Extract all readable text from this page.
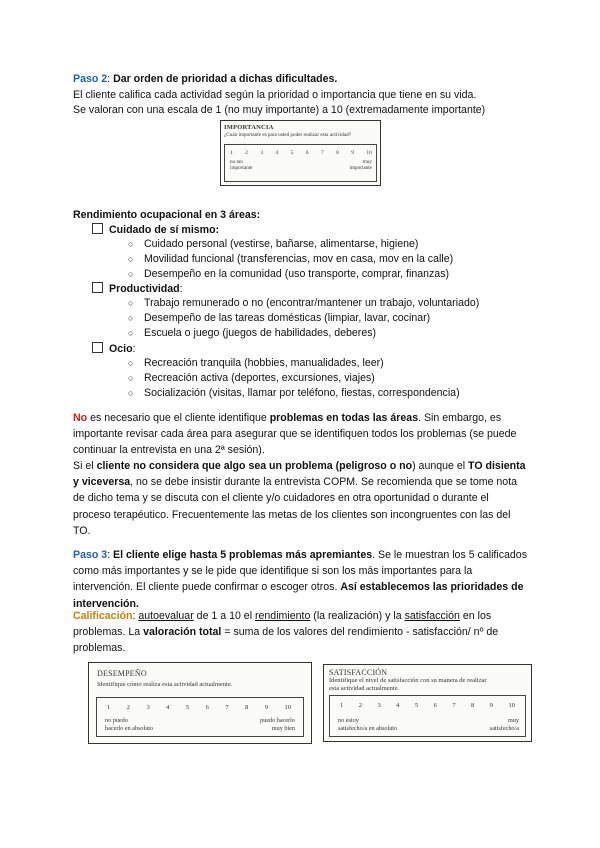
Paso 2: Dar orden de prioridad a dichas dificultades.
El cliente califica cada actividad según la prioridad o importancia que tiene en su vida.
Se valoran con una escala de 1 (no muy importante) a 10 (extremadamente importante)
IMPORTANCIA
¿Cuán importante es para usted poder realizar esta actividad?
1 2 3 4 5 6 7 8 9 10
no tan
importante
muy
importante
Rendimiento ocupacional en 3 áreas:
Cuidado de sí mismo:
○ Cuidado personal (vestirse, bañarse, alimentarse, higiene)
○ Movilidad funcional (transferencias, mov en casa, mov en la calle)
○ Desempeño en la comunidad (uso transporte, comprar, finanzas)
Productividad:
○ Trabajo remunerado o no (encontrar/mantener un trabajo, voluntariado)
○ Desempeño de las tareas domésticas (limpiar, lavar, cocinar)
○ Escuela o juego (juegos de habilidades, deberes)
Ocio:
○ Recreación tranquila (hobbies, manualidades, leer)
○ Recreación activa (deportes, excursiones, viajes)
○ Socialización (visitas, llamar por teléfono, fiestas, correspondencia)
No es necesario que el cliente identifique problemas en todas las áreas. Sin embargo, es importante revisar cada área para asegurar que se identifiquen todos los problemas (se puede continuar la entrevista en una 2ª sesión).
Si el cliente no considera que algo sea un problema (peligroso o no) aunque el TO disienta y viceversa, no se debe insistir durante la entrevista COPM. Se recomienda que se tome nota de dicho tema y se discuta con el cliente y/o cuidadores en otra oportunidad o durante el proceso terapéutico. Frecuentemente las metas de los clientes son incongruentes con las del TO.
Paso 3: El cliente elige hasta 5 problemas más apremiantes. Se le muestran los 5 calificados como más importantes y se le pide que identifique si son los más importantes para la intervención. El cliente puede confirmar o escoger otros. Así establecemos las prioridades de intervención.
Calificación: autoevaluar de 1 a 10 el rendimiento (la realización) y la satisfacción en los problemas. La valoración total = suma de los valores del rendimiento - satisfacción/ nº de problemas.
DESEMPEÑO
Identifique cómo realiza esta actividad actualmente.
1	2	3	4	5	6	7	8	9	10
no puedo
hacerlo en absoluto
puedo hacerlo
muy bien
SATISFACCIÓN
Identifique el nivel de satisfacción con su manera de realizar
esta actividad actualmente.
1 2 3 4 5 6 7 8 9 10
no estoy
satisfecho/a en absoluto
muy
satisfecho/a
